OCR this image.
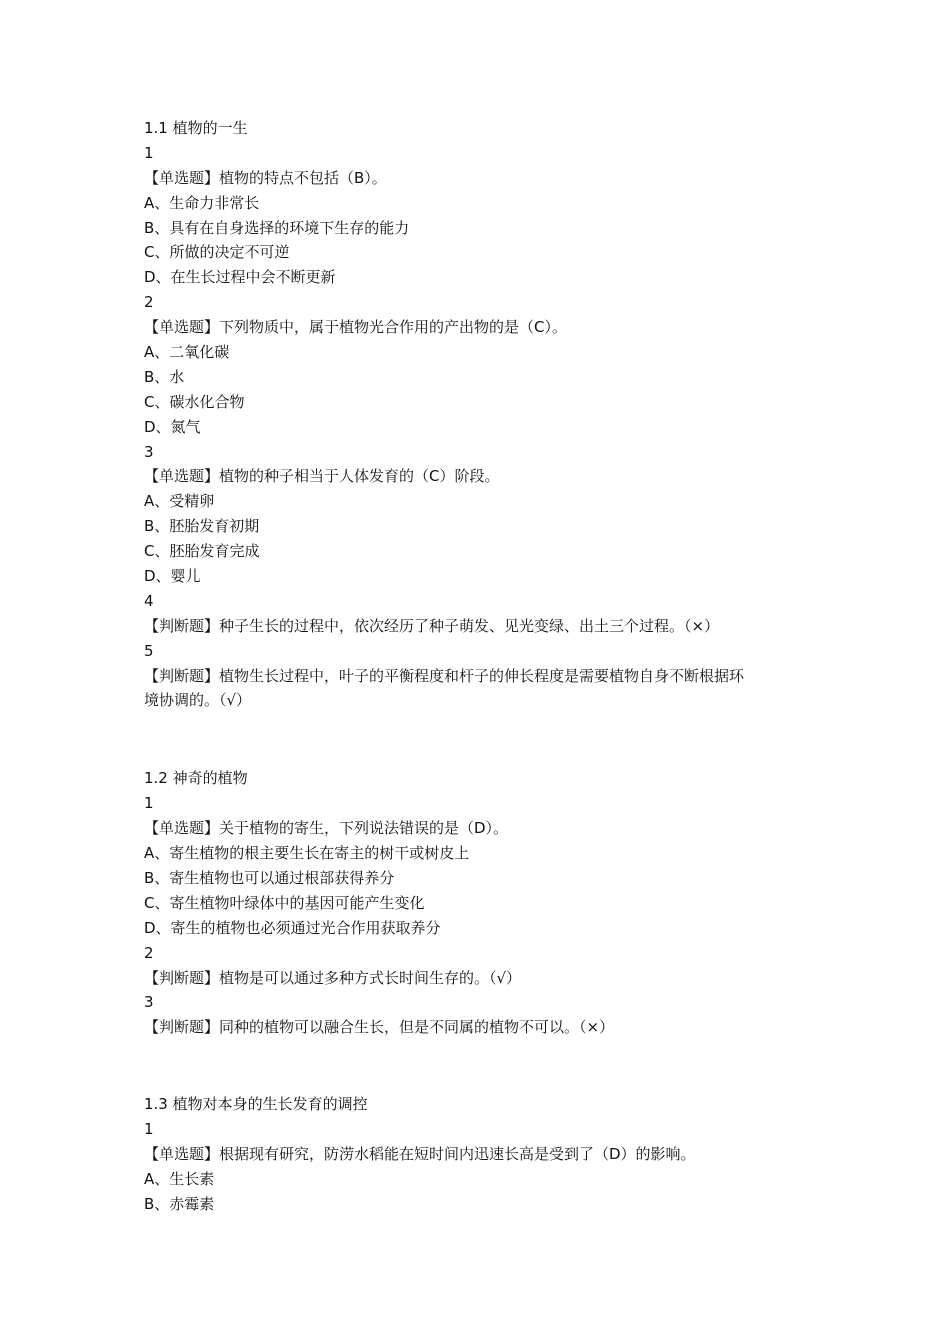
1.1 植物的一生
1
【单选题】植物的特点不包括（B）。
A、生命力非常长
B、具有在自身选择的环境下生存的能力
C、所做的决定不可逆
D、在生长过程中会不断更新
2
【单选题】下列物质中，属于植物光合作用的产出物的是（C）。
A、二氧化碳
B、水
C、碳水化合物
D、氮气
3
【单选题】植物的种子相当于人体发育的（C）阶段。
A、受精卵
B、胚胎发育初期
C、胚胎发育完成
D、婴儿
4
【判断题】种子生长的过程中，依次经历了种子萌发、见光变绿、出土三个过程。（×）
5
【判断题】植物生长过程中，叶子的平衡程度和杆子的伸长程度是需要植物自身不断根据环
境协调的。（√）
1.2 神奇的植物
1
【单选题】关于植物的寄生，下列说法错误的是（D）。
A、寄生植物的根主要生长在寄主的树干或树皮上
B、寄生植物也可以通过根部获得养分
C、寄生植物叶绿体中的基因可能产生变化
D、寄生的植物也必须通过光合作用获取养分
2
【判断题】植物是可以通过多种方式长时间生存的。（√）
3
【判断题】同种的植物可以融合生长，但是不同属的植物不可以。（×）
1.3 植物对本身的生长发育的调控
1
【单选题】根据现有研究，防涝水稻能在短时间内迅速长高是受到了（D）的影响。
A、生长素
B、赤霉素
